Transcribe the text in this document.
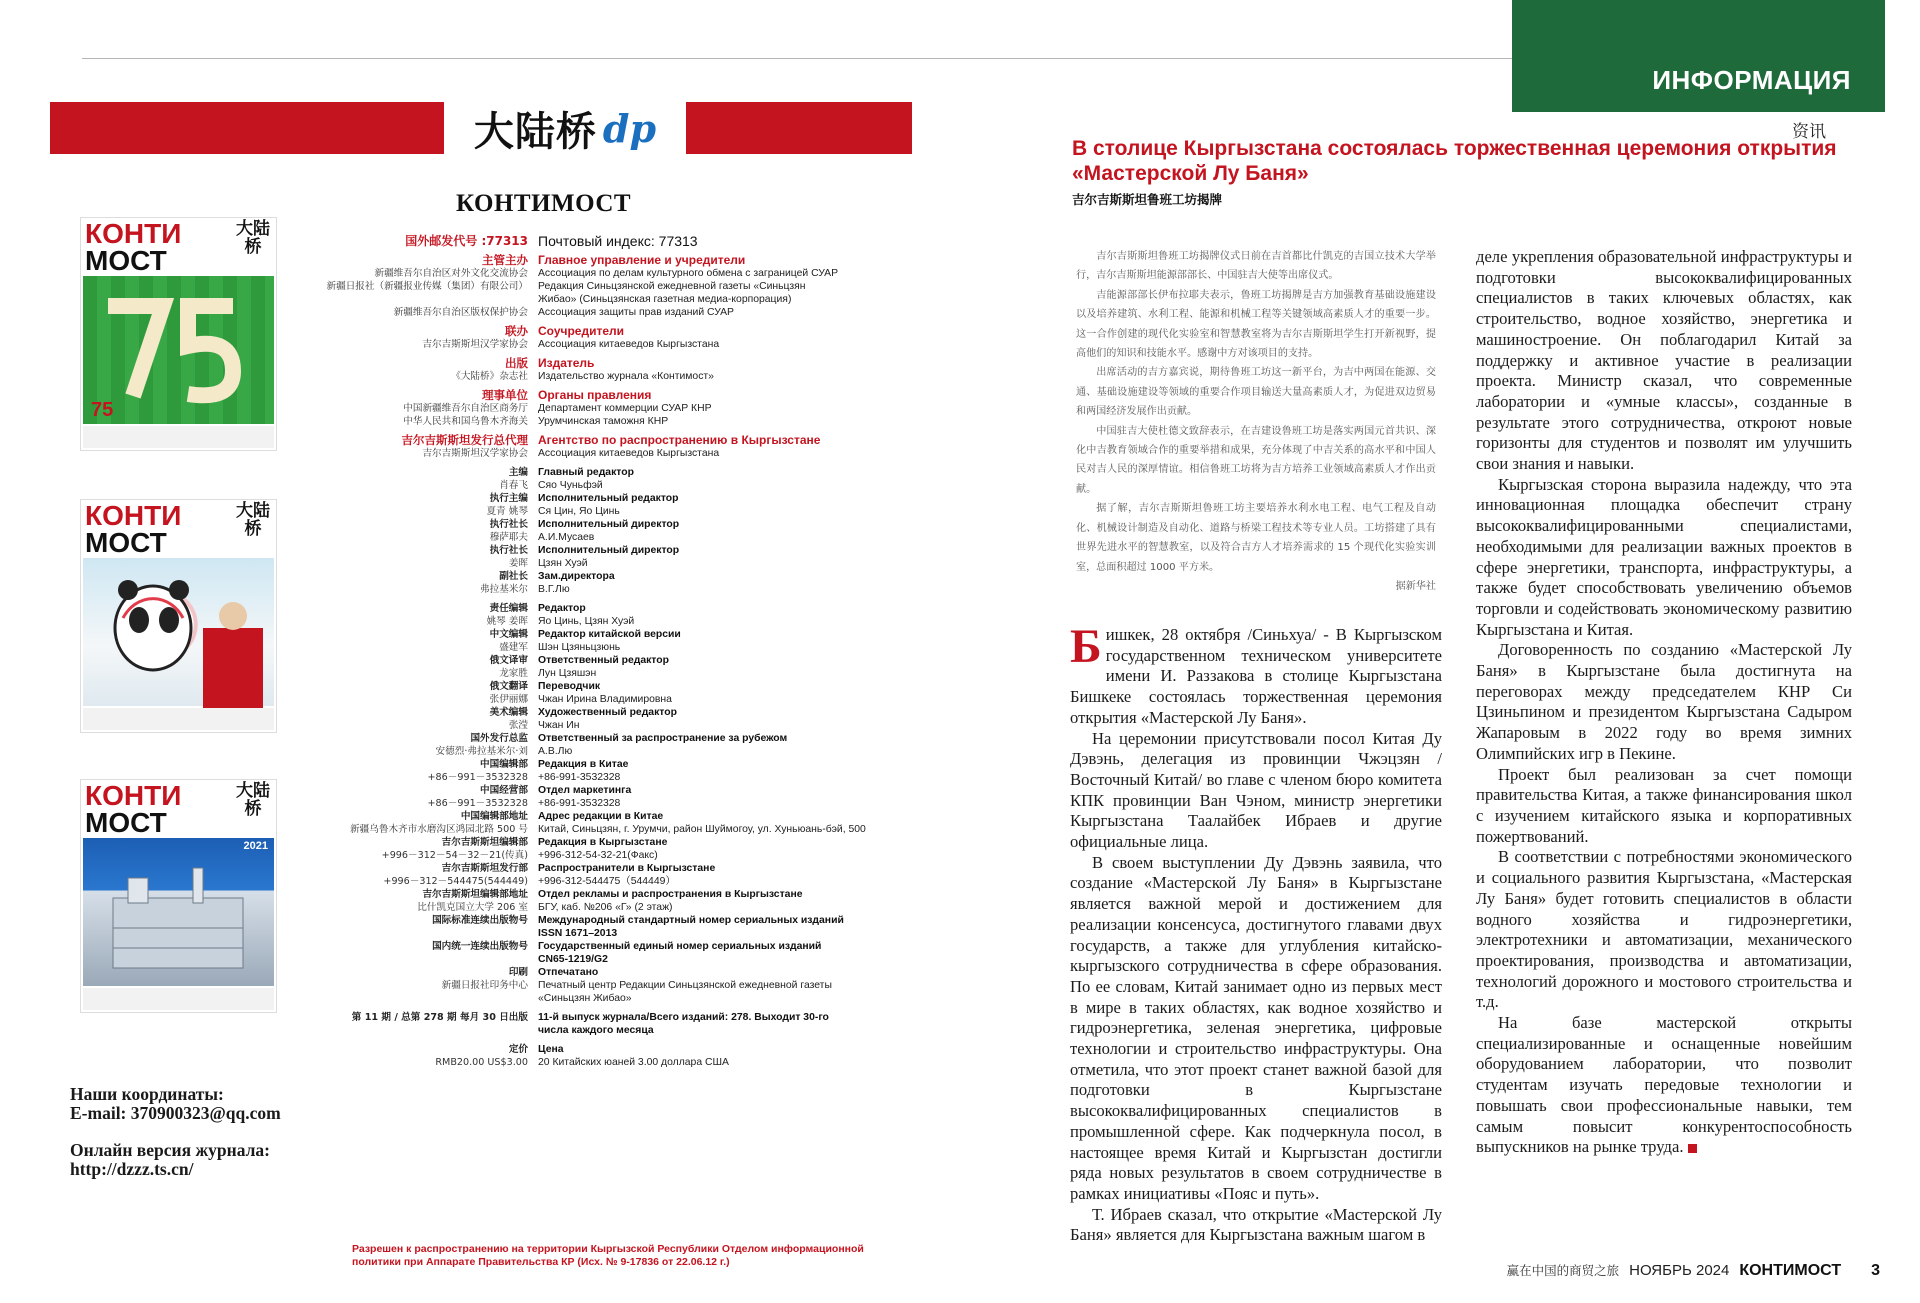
ИНФОРМАЦИЯ
资讯
大陆桥 dp
КОНТИМОСТ
КОНТИ
МОСТ
大陆桥
75
КОНТИ
МОСТ
大陆桥
КОНТИ
МОСТ
大陆桥
2021

Наши координаты:

E-mail: 370900323@qq.com

Онлайн версия журнала:

http://dzzz.ts.cn/

国外邮发代号 :77313 Почтовый индекс: 77313
主管主办 Главное управление и учредители
新疆维吾尔自治区对外文化交流协会 Ассоциация по делам культурного обмена с заграницей СУАР
新疆日报社（新疆报业传媒（集团）有限公司） Редакция Синьцзянской ежедневной газеты «Синьцзян
Жибао» (Синьцзянская газетная медиа-корпорация)
新疆维吾尔自治区版权保护协会 Ассоциация защиты прав изданий СУАР
联办 Соучредители
吉尔吉斯斯坦汉学家协会 Ассоциация китаеведов Кыргызстана
出版 Издатель
《大陆桥》杂志社 Издательство журнала «Контимост»
理事单位 Органы правления
中国新疆维吾尔自治区商务厅 Департамент коммерции СУАР КНР
中华人民共和国乌鲁木齐海关 Урумчинская таможня КНР
吉尔吉斯斯坦发行总代理 Агентство по распространению в Кыргызстане
吉尔吉斯斯坦汉学家协会 Ассоциация китаеведов Кыргызстана
主编 Главный редактор
肖春飞 Сяо Чуньфэй
执行主编 Исполнительный редактор
夏青 姚琴 Ся Цин, Яо Цинь
执行社长 Исполнительный директор
穆萨耶夫 А.И.Мусаев
执行社长 Исполнительный директор
姜晖 Цзян Хуэй
副社长 Зам.директора
弗拉基米尔 В.Г.Лю
责任编辑 Редактор
姚琴 姜晖 Яо Цинь, Цзян Хуэй
中文编辑 Редактор китайской версии
盛建军 Шэн Цзяньцзюнь
俄文译审 Ответственный редактор
龙家胜 Лун Цзяшэн
俄文翻译 Переводчик
张伊丽娜 Чжан Ирина Владимировна
美术编辑 Художественный редактор
张滢 Чжан Ин
国外发行总监 Ответственный за распространение за рубежом
安德烈·弗拉基米尔·刘 А.В.Лю
中国编辑部 Редакция в Китае
+86－991－3532328 +86-991-3532328
中国经营部 Отдел маркетинга
+86－991－3532328 +86-991-3532328
中国编辑部地址 Адрес редакции в Китае
新疆乌鲁木齐市水磨沟区鸿园北路 500 号 Китай, Синьцзян, г. Урумчи, район Шуймогоу, ул. Хуньюань-бэй, 500
吉尔吉斯斯坦编辑部 Редакция в Кыргызстане
+996－312－54－32－21(传真) +996-312-54-32-21(Факс)
吉尔吉斯斯坦发行部 Распространители в Кыргызстане
+996－312－544475(544449) +996-312-544475（544449）
吉尔吉斯斯坦编辑部地址 Отдел рекламы и распространения в Кыргызстане
比什凯克国立大学 206 室 БГУ, каб. №206 «Г» (2 этаж)
国际标准连续出版物号 Международный стандартный номер сериальных изданий
ISSN 1671–2013
国内统一连续出版物号 Государственный единый номер сериальных изданий
CN65-1219/G2
印刷 Отпечатано
新疆日报社印务中心 Печатный центр Редакции Синьцзянской ежедневной газеты
«Синьцзян Жибао»
第 11 期 / 总第 278 期 每月 30 日出版 11-й выпуск журнала/Всего изданий: 278. Выходит 30-го
числа каждого месяца
定价 Цена
RMB20.00 US$3.00 20 Китайских юаней 3.00 доллара США
Разрешен к распространению на территории Кыргызской Республики Отделом информационной политики при Аппарате Правительства КР (Исх. № 9-17836 от 22.06.12 г.)
В столице Кыргызстана состоялась торжественная церемония открытия «Мастерской Лу Баня»
吉尔吉斯斯坦鲁班工坊揭牌

吉尔吉斯斯坦鲁班工坊揭牌仪式日前在吉首都比什凯克的吉国立技术大学举行，吉尔吉斯斯坦能源部部长、中国驻吉大使等出席仪式。

吉能源部部长伊布拉耶夫表示，鲁班工坊揭牌是吉方加强教育基础设施建设以及培养建筑、水利工程、能源和机械工程等关键领域高素质人才的重要一步。这一合作创建的现代化实验室和智慧教室将为吉尔吉斯斯坦学生打开新视野，提高他们的知识和技能水平。感谢中方对该项目的支持。

出席活动的吉方嘉宾说，期待鲁班工坊这一新平台，为吉中两国在能源、交通、基础设施建设等领域的重要合作项目输送大量高素质人才，为促进双边贸易和两国经济发展作出贡献。

中国驻吉大使杜德文致辞表示，在吉建设鲁班工坊是落实两国元首共识、深化中吉教育领域合作的重要举措和成果，充分体现了中吉关系的高水平和中国人民对吉人民的深厚情谊。相信鲁班工坊将为吉方培养工业领域高素质人才作出贡献。

据了解，吉尔吉斯斯坦鲁班工坊主要培养水利水电工程、电气工程及自动化、机械设计制造及自动化、道路与桥梁工程技术等专业人员。工坊搭建了具有世界先进水平的智慧教室，以及符合吉方人才培养需求的 15 个现代化实验实训室，总面积超过 1000 平方米。

据新华社

Бишкек, 28 октября /Синьхуа/ - В Кыргызском государственном техническом университете имени И. Раззакова в столице Кыргызстана Бишкеке состоялась торжественная церемония открытия «Мастерской Лу Баня».

На церемонии присутствовали посол Китая Ду Дэвэнь, делегация из провинции Чжэцзян /Восточный Китай/ во главе с членом бюро комитета КПК провинции Ван Чэном, министр энергетики Кыргызстана Таалайбек Ибраев и другие официальные лица.

В своем выступлении Ду Дэвэнь заявила, что создание «Мастерской Лу Баня» в Кыргызстане является важной мерой и достижением для реализации консенсуса, достигнутого главами двух государств, а также для углубления китайско-кыргызского сотрудничества в сфере образования. По ее словам, Китай занимает одно из первых мест в мире в таких областях, как водное хозяйство и гидроэнергетика, зеленая энергетика, цифровые технологии и строительство инфраструктуры. Она отметила, что этот проект станет важной базой для подготовки в Кыргызстане высококвалифицированных специалистов в промышленной сфере. Как подчеркнула посол, в настоящее время Китай и Кыргызстан достигли ряда новых результатов в своем сотрудничестве в рамках инициативы «Пояс и путь».

Т. Ибраев сказал, что открытие «Мастерской Лу Баня» является для Кыргызстана важным шагом в

деле укрепления образовательной инфраструктуры и подготовки высококвалифицированных специалистов в таких ключевых областях, как строительство, водное хозяйство, энергетика и машиностроение. Он поблагодарил Китай за поддержку и активное участие в реализации проекта. Министр сказал, что современные лаборатории и «умные классы», созданные в результате этого сотрудничества, откроют новые горизонты для студентов и позволят им улучшить свои знания и навыки.

Кыргызская сторона выразила надежду, что эта инновационная площадка обеспечит страну высококвалифицированными специалистами, необходимыми для реализации важных проектов в сфере энергетики, транспорта, инфраструктуры, а также будет способствовать увеличению объемов торговли и содействовать экономическому развитию Кыргызстана и Китая.

Договоренность по созданию «Мастерской Лу Баня» в Кыргызстане была достигнута на переговорах между председателем КНР Си Цзиньпином и президентом Кыргызстана Садыром Жапаровым в 2022 году во время зимних Олимпийских игр в Пекине.

Проект был реализован за счет помощи правительства Китая, а также финансирования школ с изучением китайского языка и корпоративных пожертвований.

В соответствии с потребностями экономического и социального развития Кыргызстана, «Мастерская Лу Баня» будет готовить специалистов в области водного хозяйства и гидроэнергетики, электротехники и автоматизации, механического проектирования, производства и автоматизации, технологий дорожного и мостового строительства и т.д.

На базе мастерской открыты специализированные и оснащенные новейшим оборудованием лаборатории, что позволит студентам изучать передовые технологии и повышать свои профессиональные навыки, тем самым повысит конкурентоспособность выпускников на рынке труда.

赢在中国的商贸之旅 НОЯБРЬ 2024 КОНТИМОСТ 3
